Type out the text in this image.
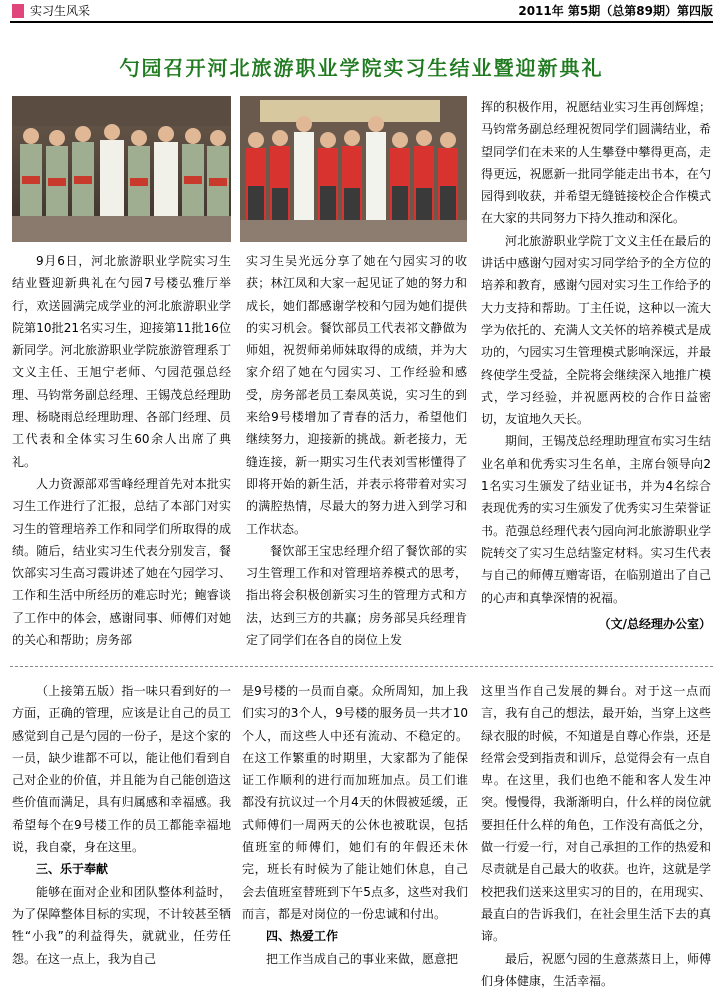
实习生风采	2011年 第5期（总第89期）第四版
勺园召开河北旅游职业学院实习生结业暨迎新典礼

9月6日，河北旅游职业学院实习生结业暨迎新典礼在勺园7号楼弘雅厅举行，欢送圆满完成学业的河北旅游职业学院第10批21名实习生，迎接第11批16位新同学。河北旅游职业学院旅游管理系丁文义主任、王旭宁老师、勺园范强总经理、马钧常务副总经理、王锡茂总经理助理、杨晓雨总经理助理、各部门经理、员工代表和全体实习生60余人出席了典礼。

人力资源部邓雪峰经理首先对本批实习生工作进行了汇报，总结了本部门对实习生的管理培养工作和同学们所取得的成绩。随后，结业实习生代表分别发言，餐饮部实习生高习霞讲述了她在勺园学习、工作和生活中所经历的难忘时光；鲍睿谈了工作中的体会，感谢同事、师傅们对她的关心和帮助；房务部

实习生吴光远分享了她在勺园实习的收获；林江凤和大家一起见证了她的努力和成长，她们都感谢学校和勺园为她们提供的实习机会。餐饮部员工代表祁文静做为师姐，祝贺师弟师妹取得的成绩，并为大家介绍了她在勺园实习、工作经验和感受，房务部老员工秦凤英说，实习生的到来给9号楼增加了青春的活力，希望他们继续努力，迎接新的挑战。新老接力，无缝连接，新一期实习生代表刘雪彬懂得了即将开始的新生活，并表示将带着对实习的满腔热情，尽最大的努力进入到学习和工作状态。

餐饮部王宝忠经理介绍了餐饮部的实习生管理工作和对管理培养模式的思考，指出将会积极创新实习生的管理方式和方法，达到三方的共赢；房务部吴兵经理肯定了同学们在各自的岗位上发

挥的积极作用，祝愿结业实习生再创辉煌；马钧常务副总经理祝贺同学们圆满结业，希望同学们在未来的人生攀登中攀得更高，走得更远，祝愿新一批同学能走出书本，在勺园得到收获，并希望无缝链接校企合作模式在大家的共同努力下持久推动和深化。

河北旅游职业学院丁文义主任在最后的讲话中感谢勺园对实习同学给予的全方位的培养和教育，感谢勺园对实习生工作给予的大力支持和帮助。丁主任说，这种以一流大学为依托的、充满人文关怀的培养模式是成功的，勺园实习生管理模式影响深远，并最终使学生受益，全院将会继续深入地推广模式，学习经验，并祝愿两校的合作日益密切，友谊地久天长。

期间，王锡茂总经理助理宣布实习生结业名单和优秀实习生名单，主席台领导向21名实习生颁发了结业证书，并为4名综合表现优秀的实习生颁发了优秀实习生荣誉证书。范强总经理代表勺园向河北旅游职业学院转交了实习生总结鉴定材料。实习生代表与自己的师傅互赠寄语，在临别道出了自己的心声和真挚深情的祝福。

（文/总经理办公室）

（上接第五版）指一味只看到好的一方面，正确的管理，应该是让自己的员工感觉到自己是勺园的一份子，是这个家的一员，缺少谁都不可以，能让他们看到自己对企业的价值，并且能为自己能创造这些价值而满足，具有归属感和幸福感。我希望每个在9号楼工作的员工都能幸福地说，我自豪，身在这里。

三、乐于奉献

能够在面对企业和团队整体利益时，为了保障整体目标的实现，不计较甚至牺牲“小我”的利益得失，就就业，任劳任怨。在这一点上，我为自己

是9号楼的一员而自豪。众所周知，加上我们实习的3个人，9号楼的服务员一共才10个人，而这些人中还有流动、不稳定的。在这工作繁重的时期里，大家都为了能保证工作顺利的进行而加班加点。员工们谁都没有抗议过一个月4天的休假被延缓，正式师傅们一周两天的公休也被耽误，包括值班室的师傅们，她们有的年假还未休完，班长有时候为了能让她们休息，自己会去值班室替班到下午5点多，这些对我们而言，都是对岗位的一份忠诚和付出。

四、热爱工作

把工作当成自己的事业来做，愿意把

这里当作自己发展的舞台。对于这一点而言，我有自己的想法，最开始，当穿上这些绿衣服的时候，不知道是自尊心作祟，还是经常会受到指责和训斥，总觉得会有一点自卑。在这里，我们也绝不能和客人发生冲突。慢慢得，我渐渐明白，什么样的岗位就要担任什么样的角色，工作没有高低之分，做一行爱一行，对自己承担的工作的热爱和尽责就是自己最大的收获。也许，这就是学校把我们送来这里实习的目的，在用现实、最直白的告诉我们，在社会里生活下去的真谛。

最后，祝愿勺园的生意蒸蒸日上，师傅们身体健康，生活幸福。
